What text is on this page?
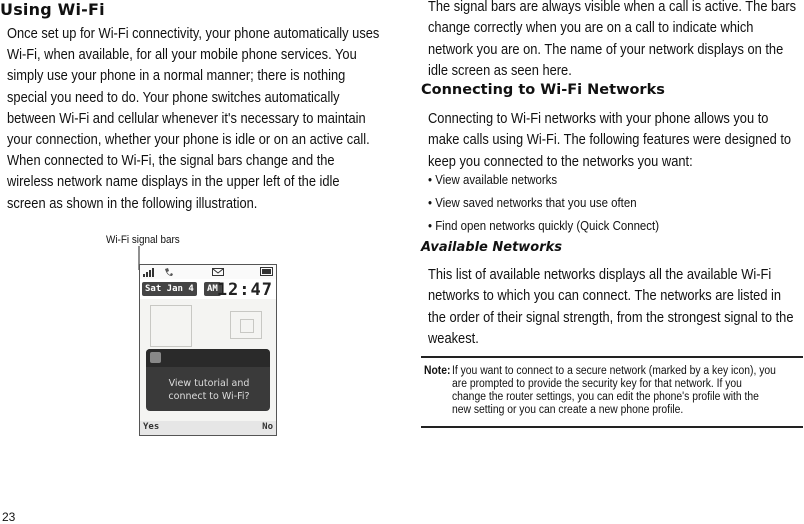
Using Wi-Fi
Once set up for Wi-Fi connectivity, your phone automatically uses
Wi-Fi, when available, for all your mobile phone services. You
simply use your phone in a normal manner; there is nothing
special you need to do. Your phone switches automatically
between Wi-Fi and cellular whenever it's necessary to maintain
your connection, whether your phone is idle or on an active call.
When connected to Wi-Fi, the signal bars change and the
wireless network name displays in the upper left of the idle
screen as shown in the following illustration.
Wi-Fi signal bars
Sat Jan 4	AM
12:47
View tutorial and connect to Wi-Fi?
Yes	No
23
The signal bars are always visible when a call is active. The bars
change correctly when you are on a call to indicate which
network you are on. The name of your network displays on the
idle screen as seen here.
Connecting to Wi-Fi Networks
Connecting to Wi-Fi networks with your phone allows you to
make calls using Wi-Fi. The following features were designed to
keep you connected to the networks you want:
• View available networks
• View saved networks that you use often
• Find open networks quickly (Quick Connect)
Available Networks
This list of available networks displays all the available Wi-Fi
networks to which you can connect. The networks are listed in
the order of their signal strength, from the strongest signal to the
weakest.
Note: If you want to connect to a secure network (marked by a key icon), you
are prompted to provide the security key for that network. If you
change the router settings, you can edit the phone's profile with the
new setting or you can create a new phone profile.
